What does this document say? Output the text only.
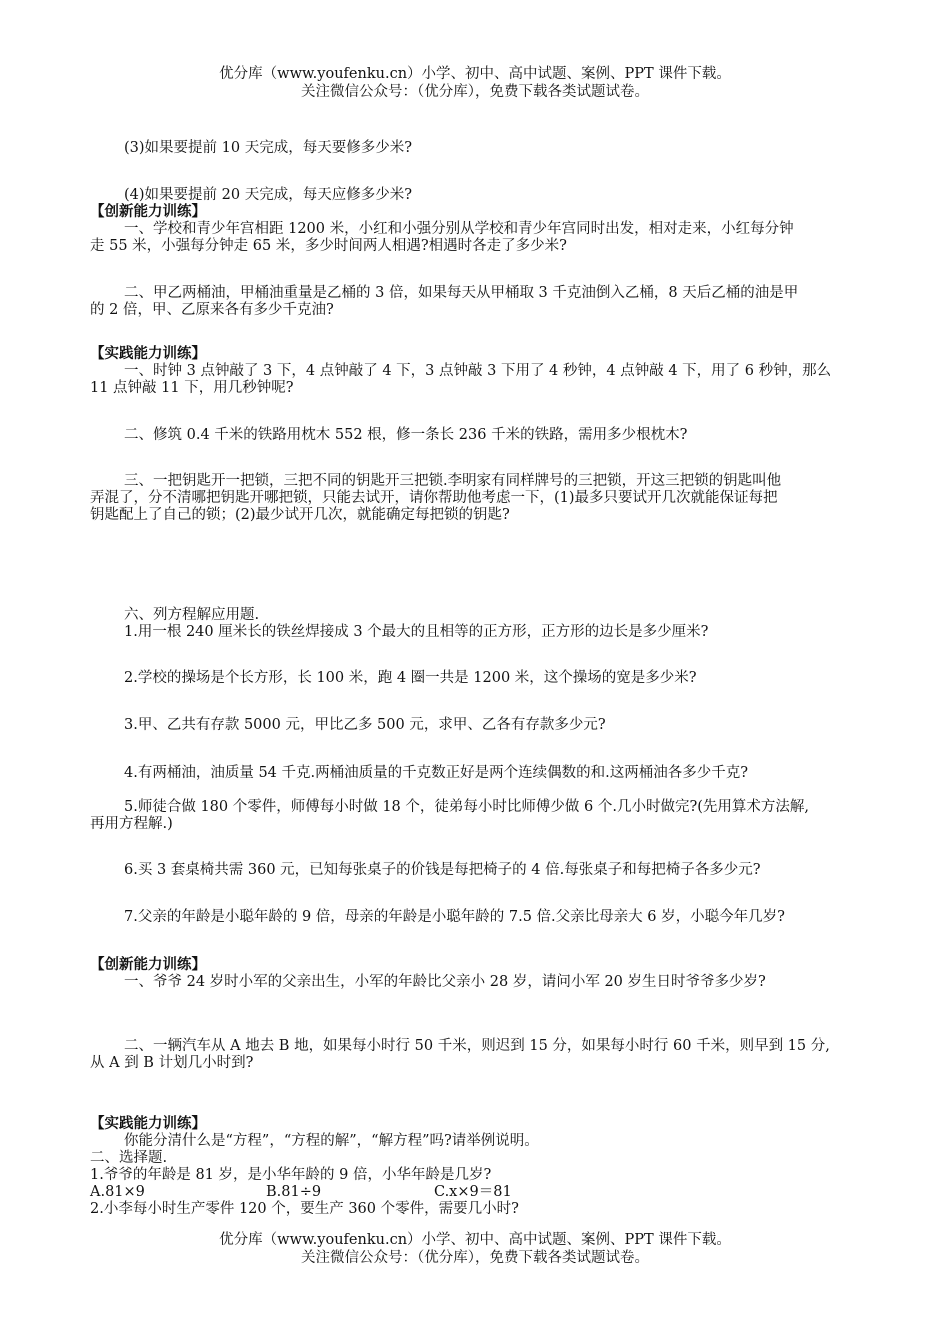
优分库（www.youfenku.cn）小学、初中、高中试题、案例、PPT 课件下载。
关注微信公众号：（优分库），免费下载各类试题试卷。
(3)如果要提前 10 天完成，每天要修多少米?
(4)如果要提前 20 天完成，每天应修多少米?
【创新能力训练】
一、学校和青少年宫相距 1200 米，小红和小强分别从学校和青少年宫同时出发，相对走来，小红每分钟
走 55 米，小强每分钟走 65 米，多少时间两人相遇?相遇时各走了多少米?
二、甲乙两桶油，甲桶油重量是乙桶的 3 倍，如果每天从甲桶取 3 千克油倒入乙桶，8 天后乙桶的油是甲
的 2 倍，甲、乙原来各有多少千克油?
【实践能力训练】
一、时钟 3 点钟敲了 3 下，4 点钟敲了 4 下，3 点钟敲 3 下用了 4 秒钟，4 点钟敲 4 下，用了 6 秒钟，那么
11 点钟敲 11 下，用几秒钟呢?
二、修筑 0.4 千米的铁路用枕木 552 根，修一条长 236 千米的铁路，需用多少根枕木?
三、一把钥匙开一把锁，三把不同的钥匙开三把锁.李明家有同样牌号的三把锁，开这三把锁的钥匙叫他
弄混了，分不清哪把钥匙开哪把锁，只能去试开，请你帮助他考虑一下，(1)最多只要试开几次就能保证每把
钥匙配上了自己的锁；(2)最少试开几次，就能确定每把锁的钥匙?
六、列方程解应用题.
1.用一根 240 厘米长的铁丝焊接成 3 个最大的且相等的正方形，正方形的边长是多少厘米?
2.学校的操场是个长方形，长 100 米，跑 4 圈一共是 1200 米，这个操场的宽是多少米?
3.甲、乙共有存款 5000 元，甲比乙多 500 元，求甲、乙各有存款多少元?
4.有两桶油，油质量 54 千克.两桶油质量的千克数正好是两个连续偶数的和.这两桶油各多少千克?
5.师徒合做 180 个零件，师傅每小时做 18 个，徒弟每小时比师傅少做 6 个.几小时做完?(先用算术方法解,
再用方程解.)
6.买 3 套桌椅共需 360 元，已知每张桌子的价钱是每把椅子的 4 倍.每张桌子和每把椅子各多少元?
7.父亲的年龄是小聪年龄的 9 倍，母亲的年龄是小聪年龄的 7.5 倍.父亲比母亲大 6 岁，小聪今年几岁?
【创新能力训练】
一、爷爷 24 岁时小军的父亲出生，小军的年龄比父亲小 28 岁，请问小军 20 岁生日时爷爷多少岁?
二、一辆汽车从 A 地去 B 地，如果每小时行 50 千米，则迟到 15 分，如果每小时行 60 千米，则早到 15 分,
从 A 到 B 计划几小时到?
【实践能力训练】
你能分清什么是“方程”，“方程的解”，“解方程”吗?请举例说明。
二、选择题.
1.爷爷的年龄是 81 岁，是小华年龄的 9 倍，小华年龄是几岁?
A.81×9	B.81÷9	C.x×9＝81
2.小李每小时生产零件 120 个，要生产 360 个零件，需要几小时?
优分库（www.youfenku.cn）小学、初中、高中试题、案例、PPT 课件下载。
关注微信公众号：（优分库），免费下载各类试题试卷。
